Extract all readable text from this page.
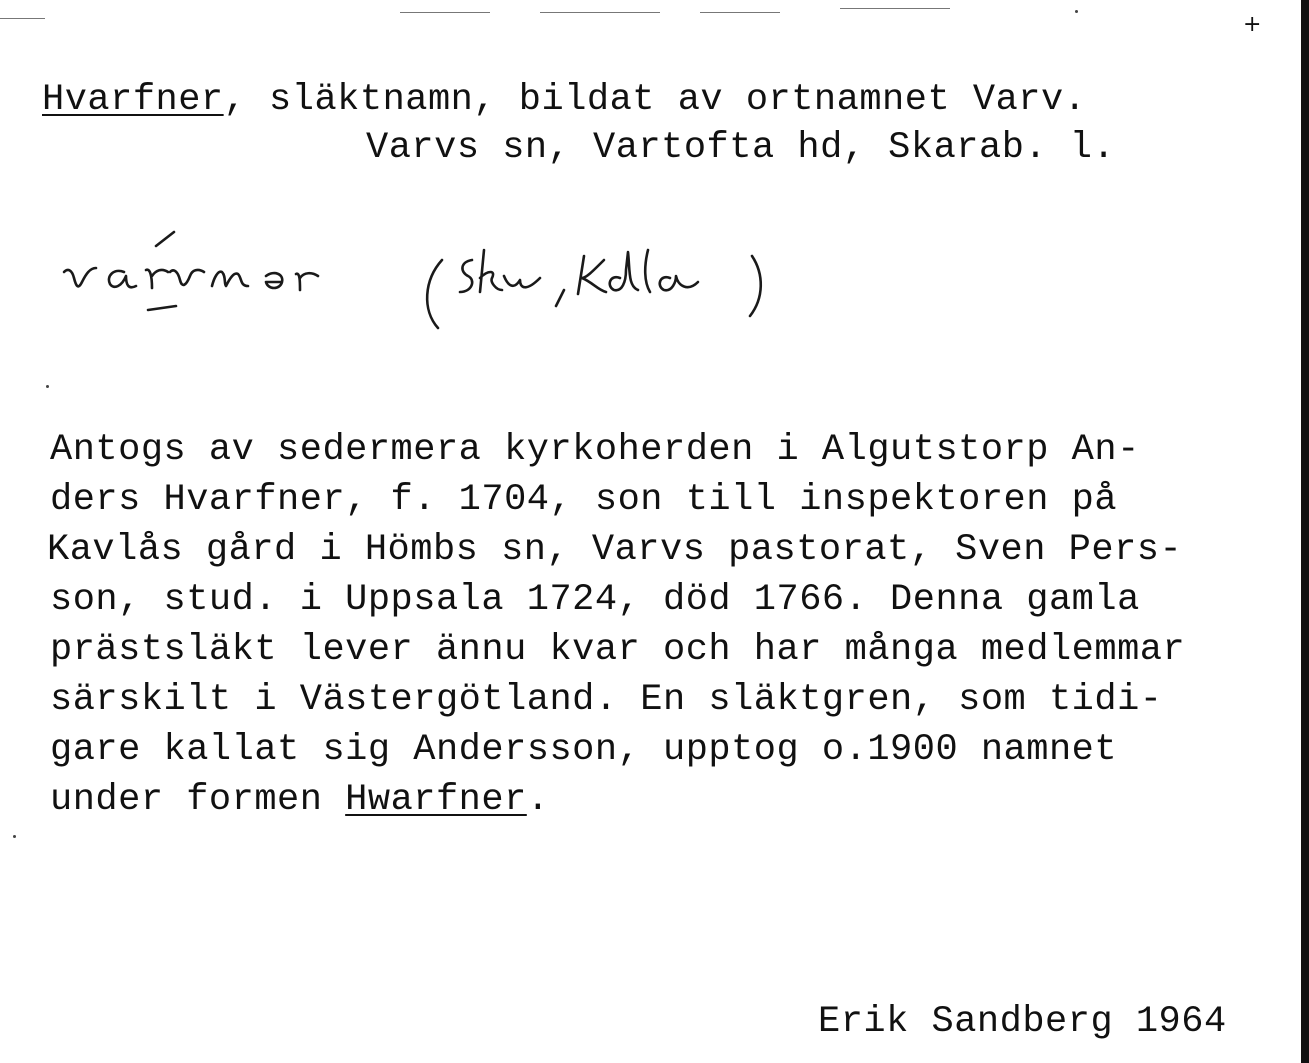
+
Hvarfner, släktnamn, bildat av ortnamnet Varv.
Varvs sn, Vartofta hd, Skarab. l.
Antogs av sedermera kyrkoherden i Algutstorp An-
ders Hvarfner, f. 1704, son till inspektoren på
Kavlås gård i Hömbs sn, Varvs pastorat, Sven Pers-
son, stud. i Uppsala 1724, död 1766. Denna gamla
prästsläkt lever ännu kvar och har många medlemmar
särskilt i Västergötland. En släktgren, som tidi-
gare kallat sig Andersson, upptog o.1900 namnet
under formen Hwarfner.
Erik Sandberg 1964
